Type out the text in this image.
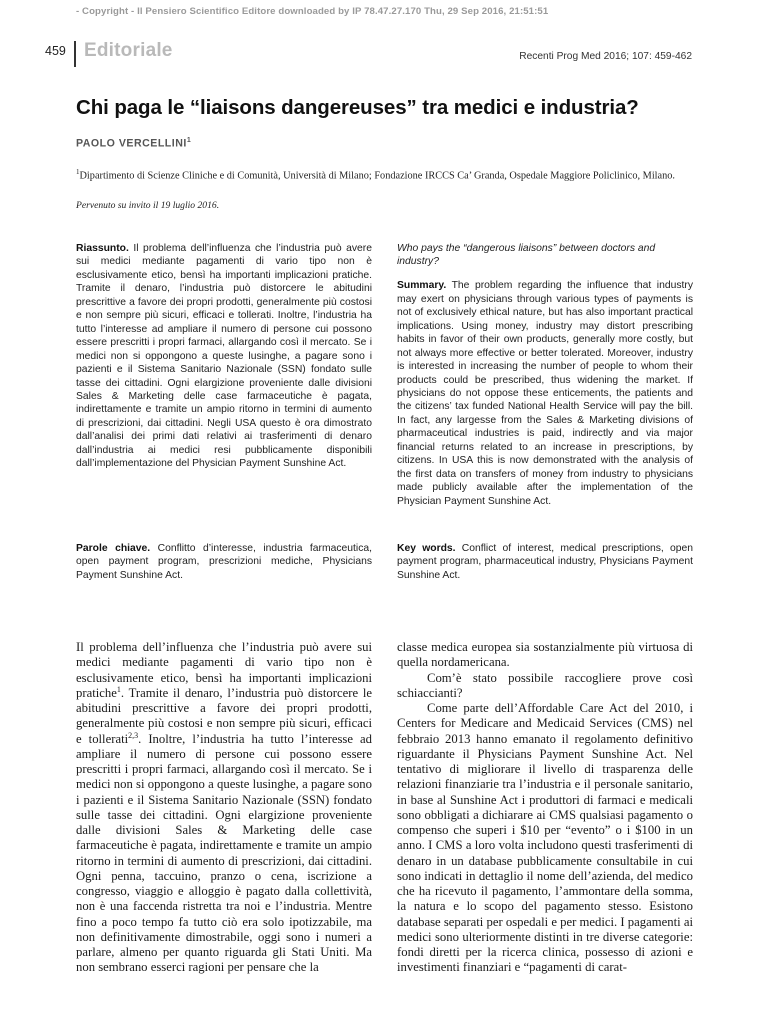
- Copyright - Il Pensiero Scientifico Editore downloaded by IP 78.47.27.170 Thu, 29 Sep 2016, 21:51:51
459 Editoriale	Recenti Prog Med 2016; 107: 459-462
Chi paga le “liaisons dangereuses” tra medici e industria?
PAOLO VERCELLINI$^1$
$^1$Dipartimento di Scienze Cliniche e di Comunità, Università di Milano; Fondazione IRCCS Ca’ Granda, Ospedale Maggiore Policlinico, Milano.
Pervenuto su invito il 19 luglio 2016.
Riassunto. Il problema dell’influenza che l’industria può avere sui medici mediante pagamenti di vario tipo non è esclusivamente etico, bensì ha importanti implicazioni pratiche. Tramite il denaro, l’industria può distorcere le abitudini prescrittive a favore dei propri prodotti, generalmente più costosi e non sempre più sicuri, efficaci e tollerati. Inoltre, l’industria ha tutto l’interesse ad ampliare il numero di persone cui possono essere prescritti i propri farmaci, allargando così il mercato. Se i medici non si oppongono a queste lusinghe, a pagare sono i pazienti e il Sistema Sanitario Nazionale (SSN) fondato sulle tasse dei cittadini. Ogni elargizione proveniente dalle divisioni Sales & Marketing delle case farmaceutiche è pagata, indirettamente e tramite un ampio ritorno in termini di aumento di prescrizioni, dai cittadini. Negli USA questo è ora dimostrato dall’analisi dei primi dati relativi ai trasferimenti di denaro dall’industria ai medici resi pubblicamente disponibili dall’implementazione del Physician Payment Sunshine Act.
Who pays the “dangerous liaisons” between doctors and industry?
Summary. The problem regarding the influence that industry may exert on physicians through various types of payments is not of exclusively ethical nature, but has also important practical implications. Using money, industry may distort prescribing habits in favor of their own products, generally more costly, but not always more effective or better tolerated. Moreover, industry is interested in increasing the number of people to whom their products could be prescribed, thus widening the market. If physicians do not oppose these enticements, the patients and the citizens’ tax funded National Health Service will pay the bill. In fact, any largesse from the Sales & Marketing divisions of pharmaceutical industries is paid, indirectly and via major financial returns related to an increase in prescriptions, by citizens. In USA this is now demonstrated with the analysis of the first data on transfers of money from industry to physicians made publicly available after the implementation of the Physician Payment Sunshine Act.
Parole chiave. Conflitto d’interesse, industria farmaceutica, open payment program, prescrizioni mediche, Physicians Payment Sunshine Act.
Key words. Conflict of interest, medical prescriptions, open payment program, pharmaceutical industry, Physicians Payment Sunshine Act.

Il problema dell’influenza che l’industria può avere sui medici mediante pagamenti di vario tipo non è esclusivamente etico, bensì ha importanti implicazioni pratiche$^1$. Tramite il denaro, l’industria può distorcere le abitudini prescrittive a favore dei propri prodotti, generalmente più costosi e non sempre più sicuri, efficaci e tollerati$^{2,3}$. Inoltre, l’industria ha tutto l’interesse ad ampliare il numero di persone cui possono essere prescritti i propri farmaci, allargando così il mercato. Se i medici non si oppongono a queste lusinghe, a pagare sono i pazienti e il Sistema Sanitario Nazionale (SSN) fondato sulle tasse dei cittadini. Ogni elargizione proveniente dalle divisioni Sales & Marketing delle case farmaceutiche è pagata, indirettamente e tramite un ampio ritorno in termini di aumento di prescrizioni, dai cittadini. Ogni penna, taccuino, pranzo o cena, iscrizione a congresso, viaggio e alloggio è pagato dalla collettività, non è una faccenda ristretta tra noi e l’industria. Mentre fino a poco tempo fa tutto ciò era solo ipotizzabile, ma non definitivamente dimostrabile, oggi sono i numeri a parlare, almeno per quanto riguarda gli Stati Uniti. Ma non sembrano esserci ragioni per pensare che la

classe medica europea sia sostanzialmente più virtuosa di quella nordamericana.

Com’è stato possibile raccogliere prove così schiaccianti?

Come parte dell’Affordable Care Act del 2010, i Centers for Medicare and Medicaid Services (CMS) nel febbraio 2013 hanno emanato il regolamento definitivo riguardante il Physicians Payment Sunshine Act. Nel tentativo di migliorare il livello di trasparenza delle relazioni finanziarie tra l’industria e il personale sanitario, in base al Sunshine Act i produttori di farmaci e medicali sono obbligati a dichiarare ai CMS qualsiasi pagamento o compenso che superi i $10 per “evento” o i $100 in un anno. I CMS a loro volta includono questi trasferimenti di denaro in un database pubblicamente consultabile in cui sono indicati in dettaglio il nome dell’azienda, del medico che ha ricevuto il pagamento, l’ammontare della somma, la natura e lo scopo del pagamento stesso. Esistono database separati per ospedali e per medici. I pagamenti ai medici sono ulteriormente distinti in tre diverse categorie: fondi diretti per la ricerca clinica, possesso di azioni e investimenti finanziari e “pagamenti di carat-
